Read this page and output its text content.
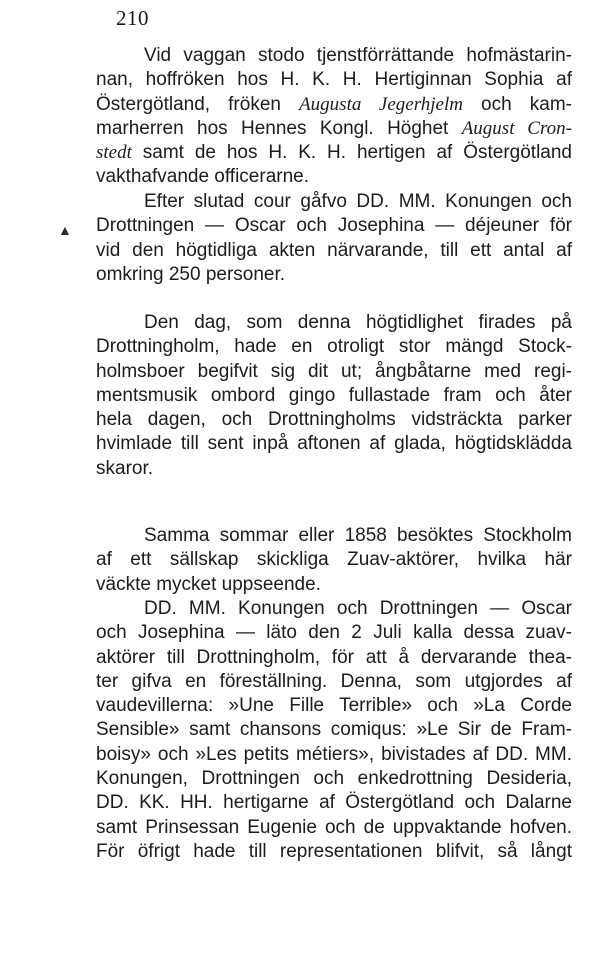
210
▲
Vid vaggan stodo tjenstförrättande hofmästarin-
nan, hoffröken hos H. K. H. Hertiginnan Sophia af
Östergötland, fröken Augusta Jegerhjelm och kam-
marherren hos Hennes Kongl. Höghet August Cron-
stedt samt de hos H. K. H. hertigen af Östergötland
vakthafvande officerarne.
Efter slutad cour gåfvo DD. MM. Konungen och
Drottningen — Oscar och Josephina — déjeuner för
vid den högtidliga akten närvarande, till ett antal af
omkring 250 personer.
Den dag, som denna högtidlighet firades på
Drottningholm, hade en otroligt stor mängd Stock-
holmsboer begifvit sig dit ut; ångbåtarne med regi-
mentsmusik ombord gingo fullastade fram och åter
hela dagen, och Drottningholms vidsträckta parker
hvimlade till sent inpå aftonen af glada, högtidsklädda
skaror.
Samma sommar eller 1858 besöktes Stockholm
af ett sällskap skickliga Zuav-aktörer, hvilka här
väckte mycket uppseende.
DD. MM. Konungen och Drottningen — Oscar
och Josephina — läto den 2 Juli kalla dessa zuav-
aktörer till Drottningholm, för att å dervarande thea-
ter gifva en föreställning. Denna, som utgjordes af
vaudevillerna: »Une Fille Terrible» och »La Corde
Sensible» samt chansons comiqus: »Le Sir de Fram-
boisy» och »Les petits métiers», bivistades af DD. MM.
Konungen, Drottningen och enkedrottning Desideria,
DD. KK. HH. hertigarne af Östergötland och Dalarne
samt Prinsessan Eugenie och de uppvaktande hofven.
För öfrigt hade till representationen blifvit, så långt
